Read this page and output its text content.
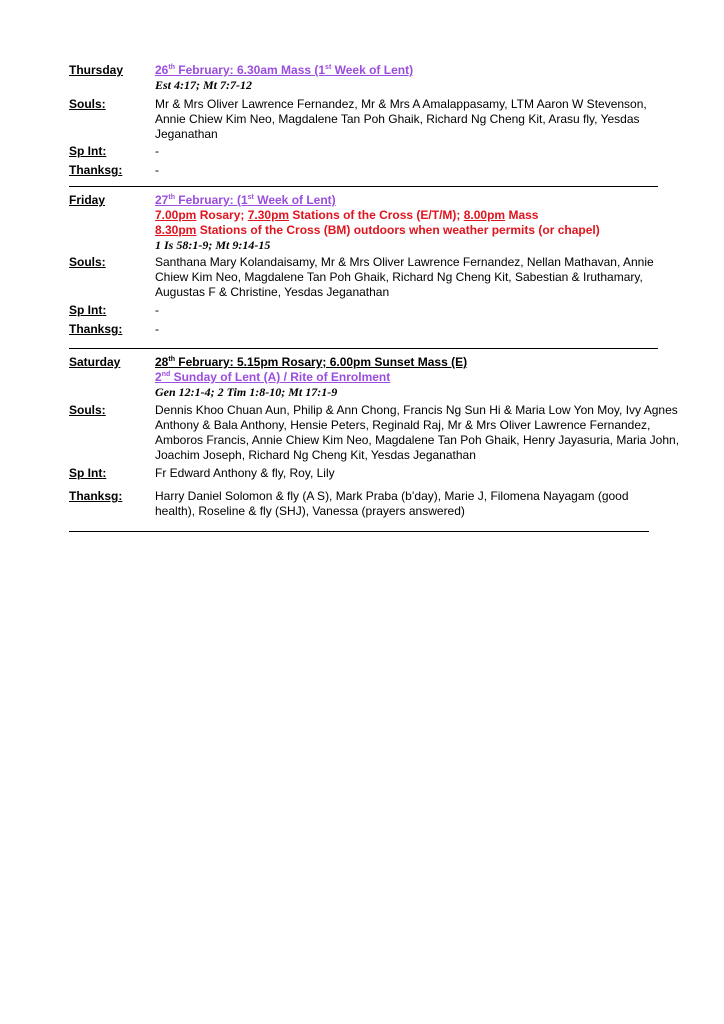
Thursday	26th February: 6.30am Mass (1st Week of Lent)
Est 4:17; Mt 7:7-12
Souls:	Mr & Mrs Oliver Lawrence Fernandez, Mr & Mrs A Amalappasamy, LTM Aaron W Stevenson, Annie Chiew Kim Neo, Magdalene Tan Poh Ghaik, Richard Ng Cheng Kit, Arasu fly, Yesdas Jeganathan
Sp Int:	-
Thanksg:	-
Friday	27th February: (1st Week of Lent)
7.00pm Rosary; 7.30pm Stations of the Cross (E/T/M); 8.00pm Mass
8.30pm Stations of the Cross (BM) outdoors when weather permits (or chapel)
1 Is 58:1-9; Mt 9:14-15
Souls:	Santhana Mary Kolandaisamy, Mr & Mrs Oliver Lawrence Fernandez, Nellan Mathavan, Annie Chiew Kim Neo, Magdalene Tan Poh Ghaik, Richard Ng Cheng Kit, Sabestian & Iruthamary, Augustas F & Christine, Yesdas Jeganathan
Sp Int:	-
Thanksg:	-
Saturday	28th February: 5.15pm Rosary; 6.00pm Sunset Mass (E)
2nd Sunday of Lent (A) / Rite of Enrolment
Gen 12:1-4; 2 Tim 1:8-10; Mt 17:1-9
Souls:	Dennis Khoo Chuan Aun, Philip & Ann Chong, Francis Ng Sun Hi & Maria Low Yon Moy, Ivy Agnes Anthony & Bala Anthony, Hensie Peters, Reginald Raj, Mr & Mrs Oliver Lawrence Fernandez, Amboros Francis, Annie Chiew Kim Neo, Magdalene Tan Poh Ghaik, Henry Jayasuria, Maria John, Joachim Joseph, Richard Ng Cheng Kit, Yesdas Jeganathan
Sp Int:	Fr Edward Anthony & fly, Roy, Lily
Thanksg:	Harry Daniel Solomon & fly (A S), Mark Praba (b’day), Marie J, Filomena Nayagam (good health), Roseline & fly (SHJ), Vanessa (prayers answered)
